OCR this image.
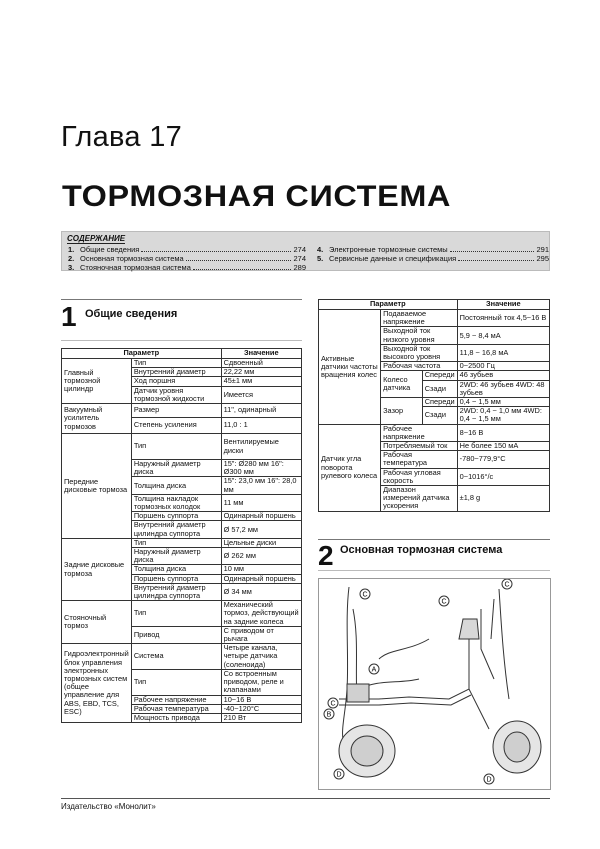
Глава 17
ТОРМОЗНАЯ СИСТЕМА
СОДЕРЖАНИЕ
1. Общие сведения	274
2. Основная тормозная система	274
3. Стояночная тормозная система	289
4. Электронные тормозные системы	291
5. Сервисные данные и спецификация	295
1 Общие сведения
2 Основная тормозная система
Параметр		Значение
Главный тормозной цилиндр	Тип	Сдвоенный
	Внутренний диаметр	22,22 мм
	Ход поршня	45±1 мм
	Датчик уровня тормозной жидкости	Имеется
Вакуумный усилитель тормозов	Размер	11", одинарный
	Степень усиления	11,0 : 1
Передние дисковые тормоза	Тип	Вентилируемые диски
	Наружный диаметр диска	15": Ø280 мм 16": Ø300 мм
	Толщина диска	15": 23,0 мм 16": 28,0 мм
	Толщина накладок тормозных колодок	11 мм
	Поршень суппорта	Одинарный поршень
	Внутренний диаметр цилиндра суппорта	Ø 57,2 мм
Задние дисковые тормоза	Тип	Цельные диски
	Наружный диаметр диска	Ø 262 мм
	Толщина диска	10 мм
	Поршень суппорта	Одинарный поршень
	Внутренний диаметр цилиндра суппорта	Ø 34 мм
Стояночный тормоз	Тип	Механический тормоз, действующий на задние колеса
	Привод	С приводом от рычага
Гидроэлектронный блок управления электронных тормозных систем (общее управление для ABS, EBD, TCS, ESC)	Система	Четыре канала, четыре датчика (соленоида)
	Тип	Со встроенным приводом, реле и клапанами
	Рабочее напряжение	10~16 В
	Рабочая температура	-40~120°C
	Мощность привода	210 Вт
Параметр			Значение
Активные датчики частоты вращения колес	Подаваемое напряжение		Постоянный ток 4,5~16 В
	Выходной ток низкого уровня		5,9 ~ 8,4 мА
	Выходной ток высокого уровня		11,8 ~ 16,8 мА
	Рабочая частота		0~2500 Гц
	Колесо датчика	Спереди	46 зубьев
		Сзади	2WD: 46 зубьев 4WD: 48 зубьев
	Зазор	Спереди	0,4 ~ 1,5 мм
		Сзади	2WD: 0,4 ~ 1,0 мм 4WD: 0,4 ~ 1,5 мм
Датчик угла поворота рулевого колеса	Рабочее напряжение		8~16 В
	Потребляемый ток		Не более 150 мА
	Рабочая температура		-780~779,9°С
	Рабочая угловая скорость		0~1016°/c
	Диапазон измерений датчика ускорения		±1,8 g
C
C
C
A
B
C
D
D
Издательство «Монолит»
